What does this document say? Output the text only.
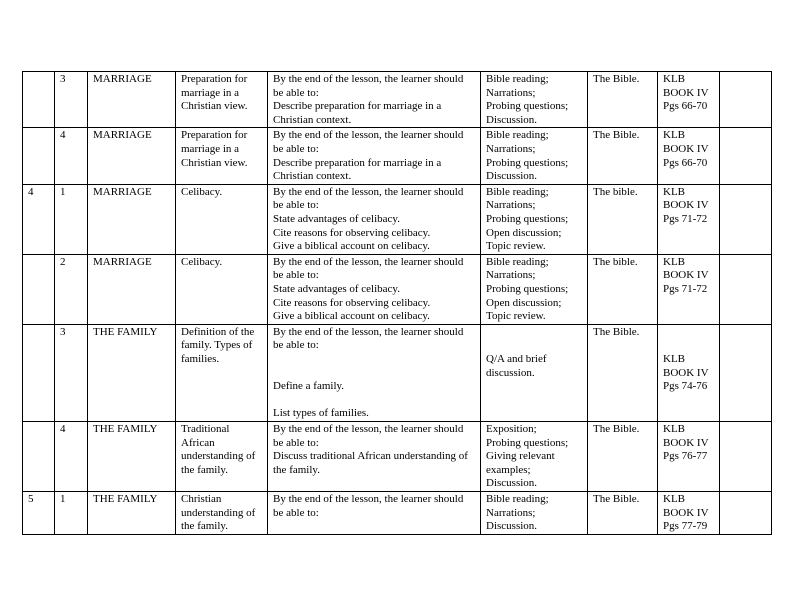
	3	MARRIAGE	Preparation for marriage in a Christian view.	By the end of the lesson, the learner should be able to:
Describe preparation for marriage in a Christian context.	Bible reading;
Narrations;
Probing questions;
Discussion.	The Bible.	KLB
BOOK IV
Pgs 66-70	
	4	MARRIAGE	Preparation for marriage in a Christian view.	By the end of the lesson, the learner should be able to:
Describe preparation for marriage in a Christian context.	Bible reading;
Narrations;
Probing questions;
Discussion.	The Bible.	KLB
BOOK IV
Pgs 66-70	
4	1	MARRIAGE	Celibacy.	By the end of the lesson, the learner should be able to:
State advantages of celibacy.
Cite reasons for observing celibacy.
Give a biblical account on celibacy.	Bible reading;
Narrations;
Probing questions;
Open discussion;
Topic review.	The bible.	KLB
BOOK IV
Pgs 71-72	
	2	MARRIAGE	Celibacy.	By the end of the lesson, the learner should be able to:
State advantages of celibacy.
Cite reasons for observing celibacy.
Give a biblical account on celibacy.	Bible reading;
Narrations;
Probing questions;
Open discussion;
Topic review.	The bible.	KLB
BOOK IV
Pgs 71-72	
	3	THE FAMILY	Definition of the family. Types of families.	By the end of the lesson, the learner should be able to:

Define a family.

List types of families.	

Q/A and brief discussion.	The Bible.	

KLB
BOOK IV
Pgs 74-76	
	4	THE FAMILY	Traditional African understanding of the family.	By the end of the lesson, the learner should be able to:
Discuss traditional African understanding of the family.	Exposition;
Probing questions;
Giving relevant examples;
Discussion.	The Bible.	KLB
BOOK IV
Pgs 76-77	
5	1	THE FAMILY	Christian understanding of the family.	By the end of the lesson, the learner should be able to:	Bible reading;
Narrations;
Discussion.	The Bible.	KLB
BOOK IV
Pgs 77-79	
